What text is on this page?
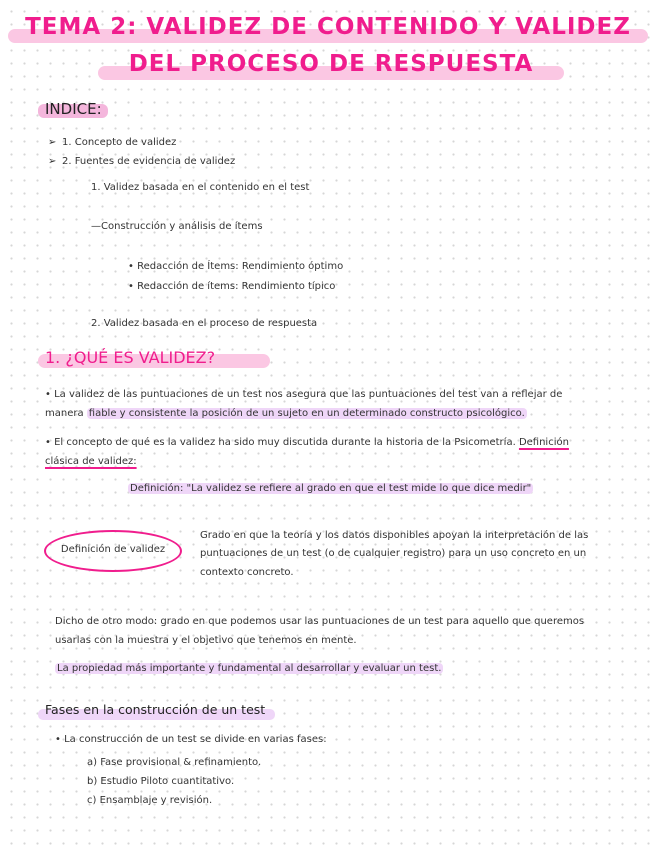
TEMA 2: VALIDEZ DE CONTENIDO Y VALIDEZ
DEL PROCESO DE RESPUESTA
INDICE:
➢ 1. Concepto de validez
➢ 2. Fuentes de evidencia de validez
1. Validez basada en el contenido en el test
—Construcción y análisis de ítems
• Redacción de Ítems: Rendimiento óptimo
• Redacción de ítems: Rendimiento típico
2. Validez basada en el proceso de respuesta
1. ¿QUÉ ES VALIDEZ?
• La validez de las puntuaciones de un test nos asegura que las puntuaciones del test van a reflejar de
manera fiable y consistente la posición de un sujeto en un determinado constructo psicológico.
• El concepto de qué es la validez ha sido muy discutida durante la historia de la Psicometría. Definición
clásica de validez:
Definición: "La validez se refiere al grado en que el test mide lo que dice medir"
Definición de validez
Grado en que la teoría y los datos disponibles apoyan la interpretación de las
puntuaciones de un test (o de cualquier registro) para un uso concreto en un
contexto concreto.
Dicho de otro modo: grado en que podemos usar las puntuaciones de un test para aquello que queremos
usarlas con la muestra y el objetivo que tenemos en mente.
La propiedad más importante y fundamental al desarrollar y evaluar un test.
Fases en la construcción de un test
• La construcción de un test se divide en varias fases:
a) Fase provisional & refinamiento.
b) Estudio Piloto cuantitativo.
c) Ensamblaje y revisión.
